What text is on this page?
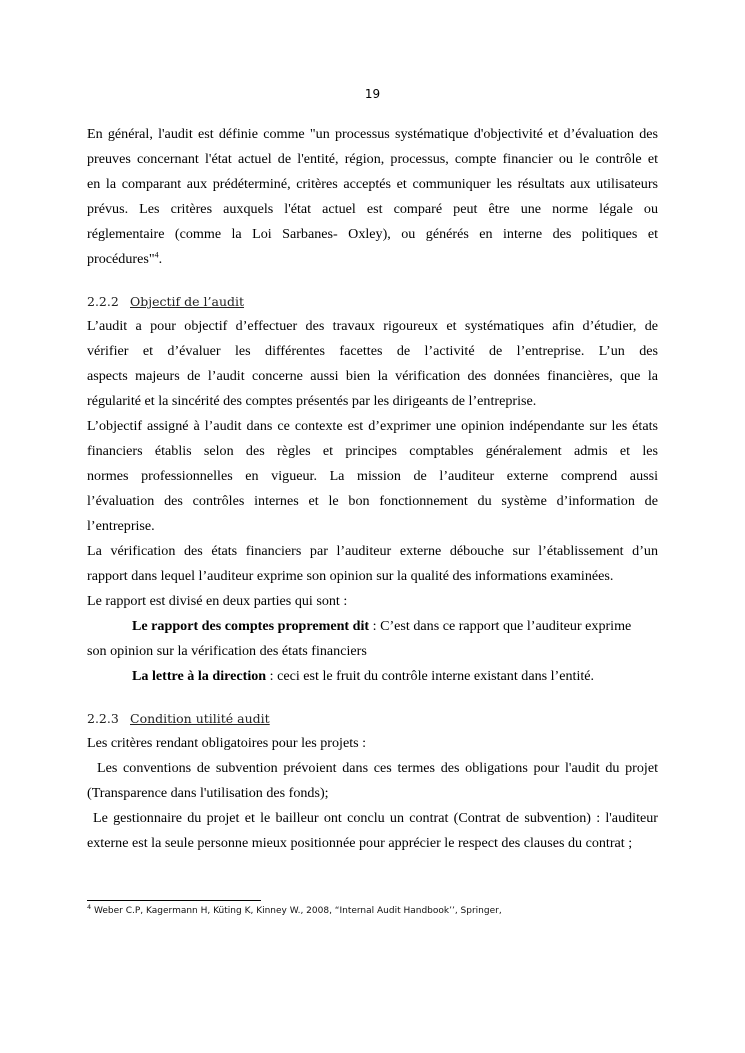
19
En général, l'audit est définie comme "un processus systématique d'objectivité et d’évaluation des
preuves concernant l'état actuel de l'entité, région, processus, compte financier ou le contrôle et
en la comparant aux prédéterminé, critères acceptés et communiquer les résultats aux utilisateurs
prévus. Les critères auxquels l'état actuel est comparé peut être une norme légale ou
réglementaire (comme la Loi Sarbanes- Oxley), ou générés en interne des politiques et
procédures"$^4$.
2.2.2 Objectif de l’audit
L’audit a pour objectif d’effectuer des travaux rigoureux et systématiques afin d’étudier, de
vérifier et d’évaluer les différentes facettes de l’activité de l’entreprise. L’un des
aspects majeurs de l’audit concerne aussi bien la vérification des données financières, que la
régularité et la sincérité des comptes présentés par les dirigeants de l’entreprise.
L’objectif assigné à l’audit dans ce contexte est d’exprimer une opinion indépendante sur les états
financiers établis selon des règles et principes comptables généralement admis et les
normes professionnelles en vigueur. La mission de l’auditeur externe comprend aussi
l’évaluation des contrôles internes et le bon fonctionnement du système d’information de
l’entreprise.
La vérification des états financiers par l’auditeur externe débouche sur l’établissement d’un
rapport dans lequel l’auditeur exprime son opinion sur la qualité des informations examinées.
Le rapport est divisé en deux parties qui sont :
Le rapport des comptes proprement dit : C’est dans ce rapport que l’auditeur exprime
son opinion sur la vérification des états financiers
La lettre à la direction : ceci est le fruit du contrôle interne existant dans l’entité.
2.2.3 Condition utilité audit
Les critères rendant obligatoires pour les projets :
Les conventions de subvention prévoient dans ces termes des obligations pour l'audit du projet
(Transparence dans l'utilisation des fonds);
Le gestionnaire du projet et le bailleur ont conclu un contrat (Contrat de subvention) : l'auditeur
externe est la seule personne mieux positionnée pour apprécier le respect des clauses du contrat ;
$^4$ Weber C.P, Kagermann H, Küting K, Kinney W., 2008, “Internal Audit Handbook’’, Springer,
